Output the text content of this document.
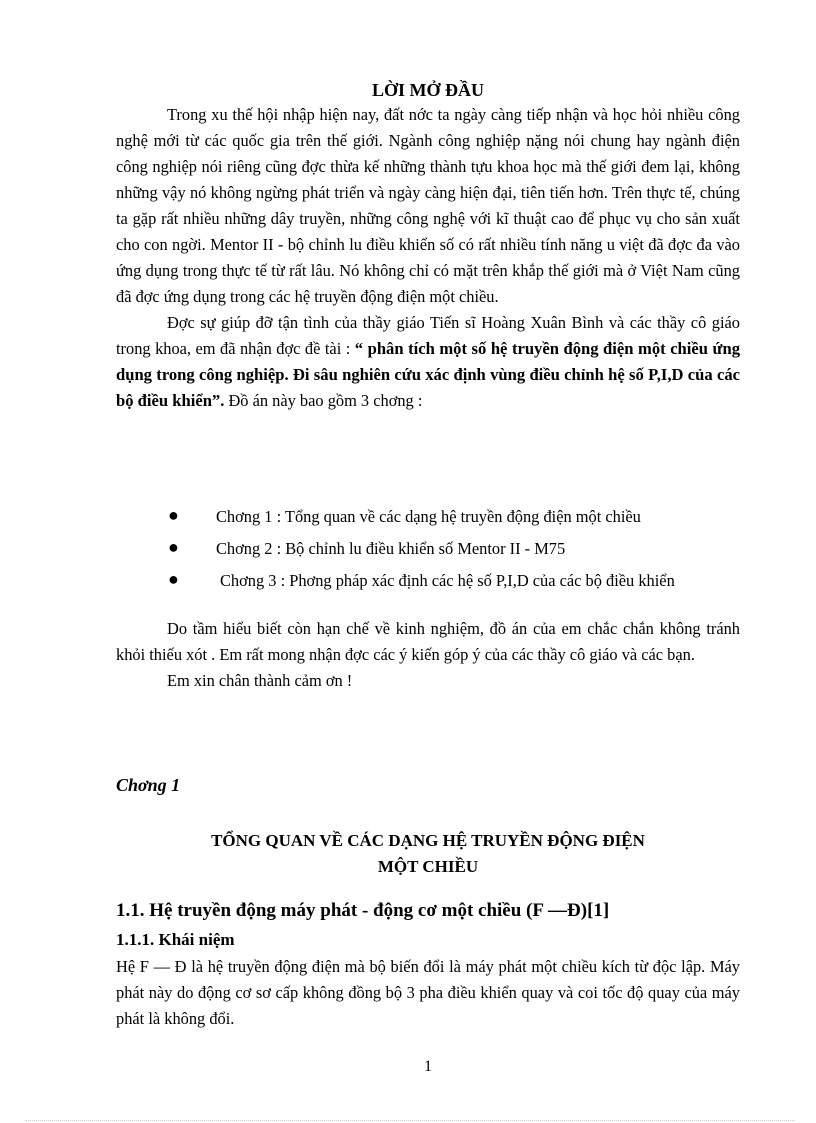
LỜI MỞ ĐẦU

Trong xu thế hội nhập hiện nay, đất nớc ta ngày càng tiếp nhận và học hỏi nhiều công nghệ mới từ các quốc gia trên thế giới. Ngành công nghiệp nặng nói chung hay ngành điện công nghiệp nói riêng cũng đợc thừa kế những thành tựu khoa học mà thế giới đem lại, không những vậy nó không ngừng phát triển và ngày càng hiện đại, tiên tiến hơn. Trên thực tế, chúng ta gặp rất nhiều những dây truyền, những công nghệ với kĩ thuật cao để phục vụ cho sản xuất cho con ngời. Mentor II - bộ chỉnh lu điều khiển số có rất nhiều tính năng u việt đã đợc đa vào ứng dụng trong thực tế từ rất lâu. Nó không chỉ có mặt trên khắp thế giới mà ở Việt Nam cũng đã đợc ứng dụng trong các hệ truyền động điện một chiều.

Đợc sự giúp đỡ tận tình của thầy giáo Tiến sĩ Hoàng Xuân Bình và các thầy cô giáo trong khoa, em đã nhận đợc đề tài : “ phân tích một số hệ truyền động điện một chiều ứng dụng trong công nghiệp. Đi sâu nghiên cứu xác định vùng điều chỉnh hệ số P,I,D của các bộ điều khiển”. Đồ án này bao gồm 3 chơng :

● Chơng 1 : Tổng quan về các dạng hệ truyền động điện một chiều
● Chơng 2 : Bộ chỉnh lu điều khiển số Mentor II - M75
●	Chơng 3 : Phơng pháp xác định các hệ số P,I,D của các bộ điều khiển

Do tầm hiểu biết còn hạn chế về kinh nghiệm, đồ án của em chắc chắn không tránh khỏi thiếu xót . Em rất mong nhận đợc các ý kiến góp ý của các thầy cô giáo và các bạn.

Em xin chân thành cảm ơn !

Chơng 1
TỔNG QUAN VỀ CÁC DẠNG HỆ TRUYỀN ĐỘNG ĐIỆN
MỘT CHIỀU
1.1. Hệ truyền động máy phát - động cơ một chiều (F —Đ)[1]
1.1.1. Khái niệm

Hệ F — Đ là hệ truyền động điện mà bộ biến đổi là máy phát một chiều kích từ độc lập. Máy phát này do động cơ sơ cấp không đồng bộ 3 pha điều khiển quay và coi tốc độ quay của máy phát là không đổi.

1
